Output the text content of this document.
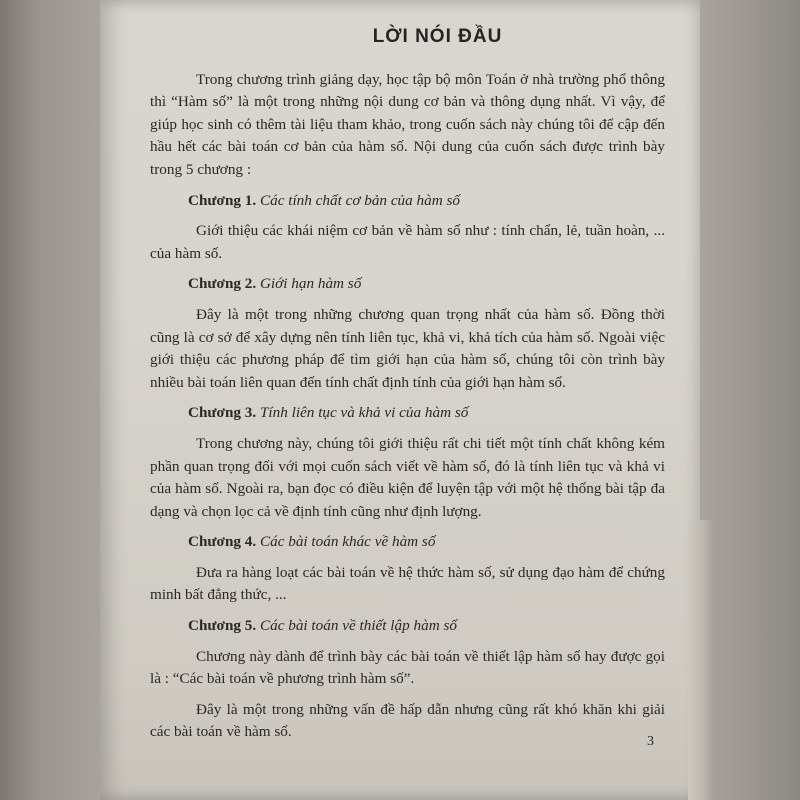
LỜI NÓI ĐẦU

Trong chương trình giảng dạy, học tập bộ môn Toán ở nhà trường phổ thông thì “Hàm số” là một trong những nội dung cơ bản và thông dụng nhất. Vì vậy, để giúp học sinh có thêm tài liệu tham khảo, trong cuốn sách này chúng tôi để cập đến hầu hết các bài toán cơ bản của hàm số. Nội dung của cuốn sách được trình bày trong 5 chương :

Chương 1. Các tính chất cơ bản của hàm số

Giới thiệu các khái niệm cơ bản về hàm số như : tính chẩn, lẻ, tuần hoàn, ... của hàm số.

Chương 2. Giới hạn hàm số

Đây là một trong những chương quan trọng nhất của hàm số. Đồng thời cũng là cơ sở để xây dựng nên tính liên tục, khả vi, khả tích của hàm số. Ngoài việc giới thiệu các phương pháp để tìm giới hạn của hàm số, chúng tôi còn trình bày nhiều bài toán liên quan đến tính chất định tính của giới hạn hàm số.

Chương 3. Tính liên tục và khả vi của hàm số

Trong chương này, chúng tôi giới thiệu rất chi tiết một tính chất không kém phần quan trọng đối với mọi cuốn sách viết về hàm số, đó là tính liên tục và khả vi của hàm số. Ngoài ra, bạn đọc có điều kiện để luyện tập với một hệ thống bài tập đa dạng và chọn lọc cả về định tính cũng như định lượng.

Chương 4. Các bài toán khác về hàm số

Đưa ra hàng loạt các bài toán về hệ thức hàm số, sử dụng đạo hàm để chứng minh bất đẳng thức, ...

Chương 5. Các bài toán về thiết lập hàm số

Chương này dành để trình bày các bài toán về thiết lập hàm số hay được gọi là : “Các bài toán về phương trình hàm số”.

Đây là một trong những vấn đề hấp dẫn nhưng cũng rất khó khăn khi giải các bài toán về hàm số.

3
